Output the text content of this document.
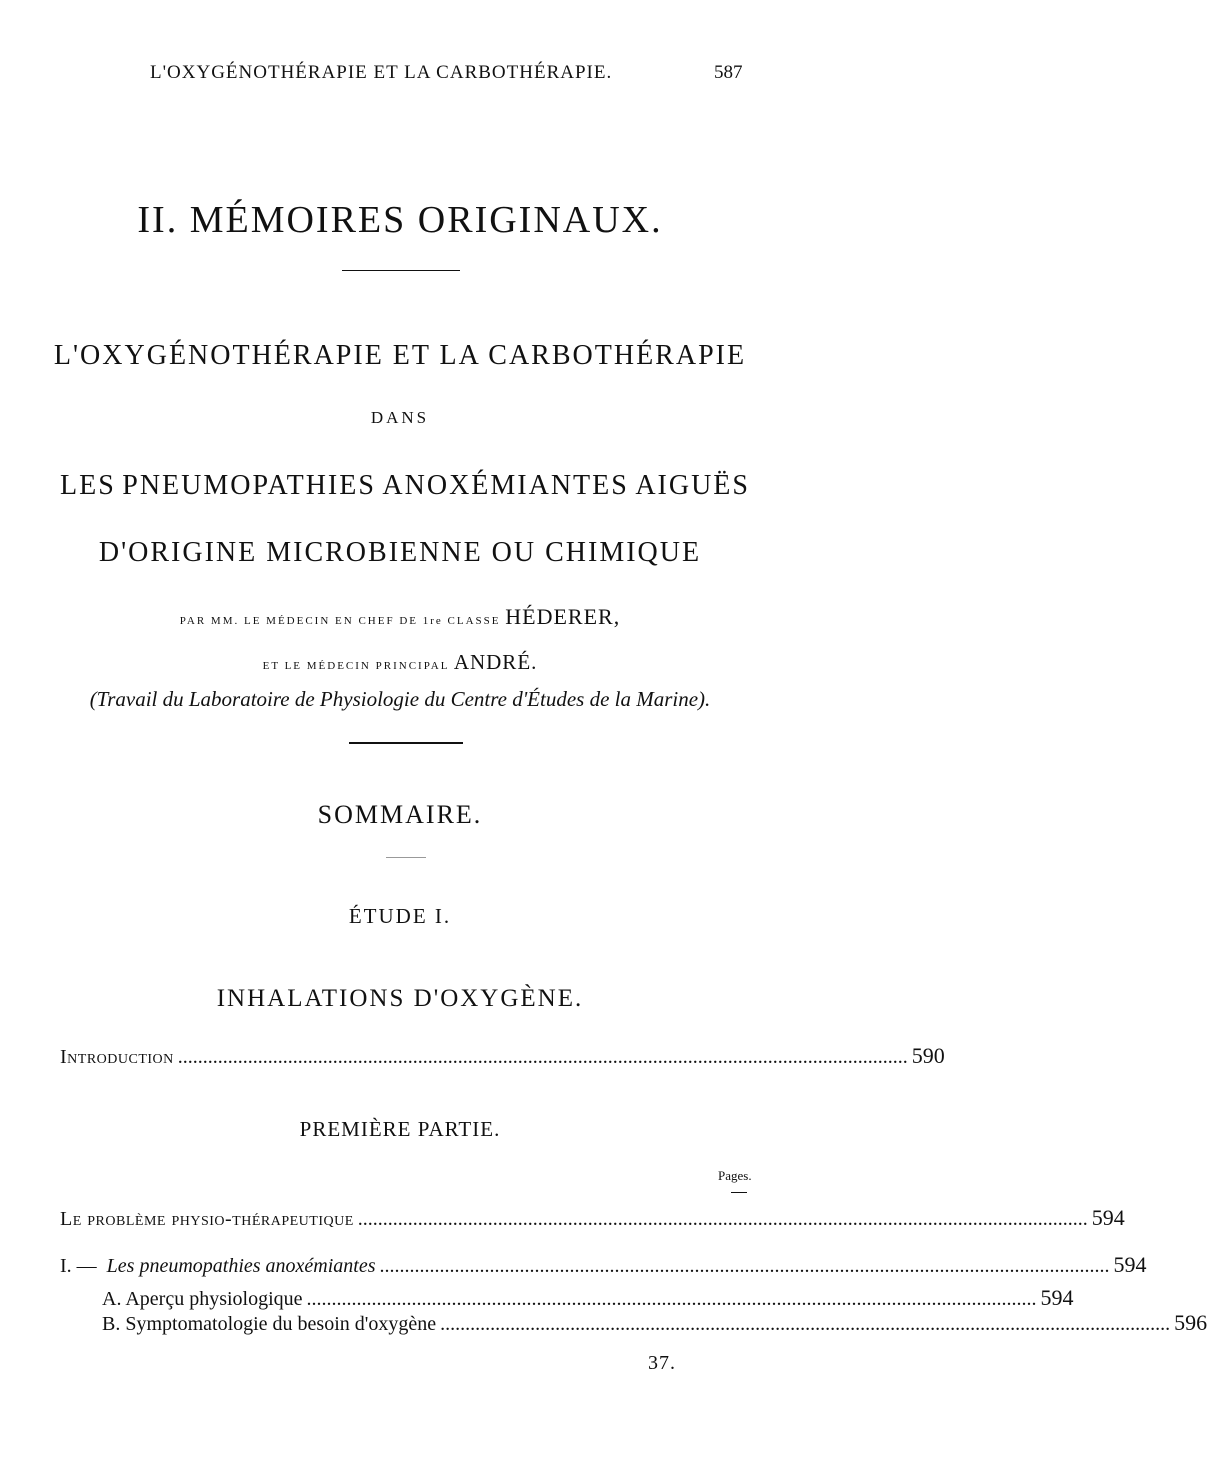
L'OXYGÉNOTHÉRAPIE ET LA CARBOTHÉRAPIE.	587
II. MÉMOIRES ORIGINAUX.
L'OXYGÉNOTHÉRAPIE ET LA CARBOTHÉRAPIE
DANS
LES PNEUMOPATHIES ANOXÉMIANTES AIGUËS
D'ORIGINE MICROBIENNE OU CHIMIQUE
PAR MM. LE MÉDECIN EN CHEF DE 1re CLASSE HÉDERER,
ET LE MÉDECIN PRINCIPAL ANDRÉ.
(Travail du Laboratoire de Physiologie du Centre d'Études de la Marine).
SOMMAIRE.
ÉTUDE I.
INHALATIONS D'OXYGÈNE.
Introduction .................................................................................................................................................. 590
PREMIÈRE PARTIE.
Pages.
Le problème physio-thérapeutique .................................................................................................................................................. 594
I. — Les pneumopathies anoxémiantes .................................................................................................................................................. 594
A. Aperçu physiologique .................................................................................................................................................. 594
B. Symptomatologie du besoin d'oxygène .................................................................................................................................................. 596
37.
